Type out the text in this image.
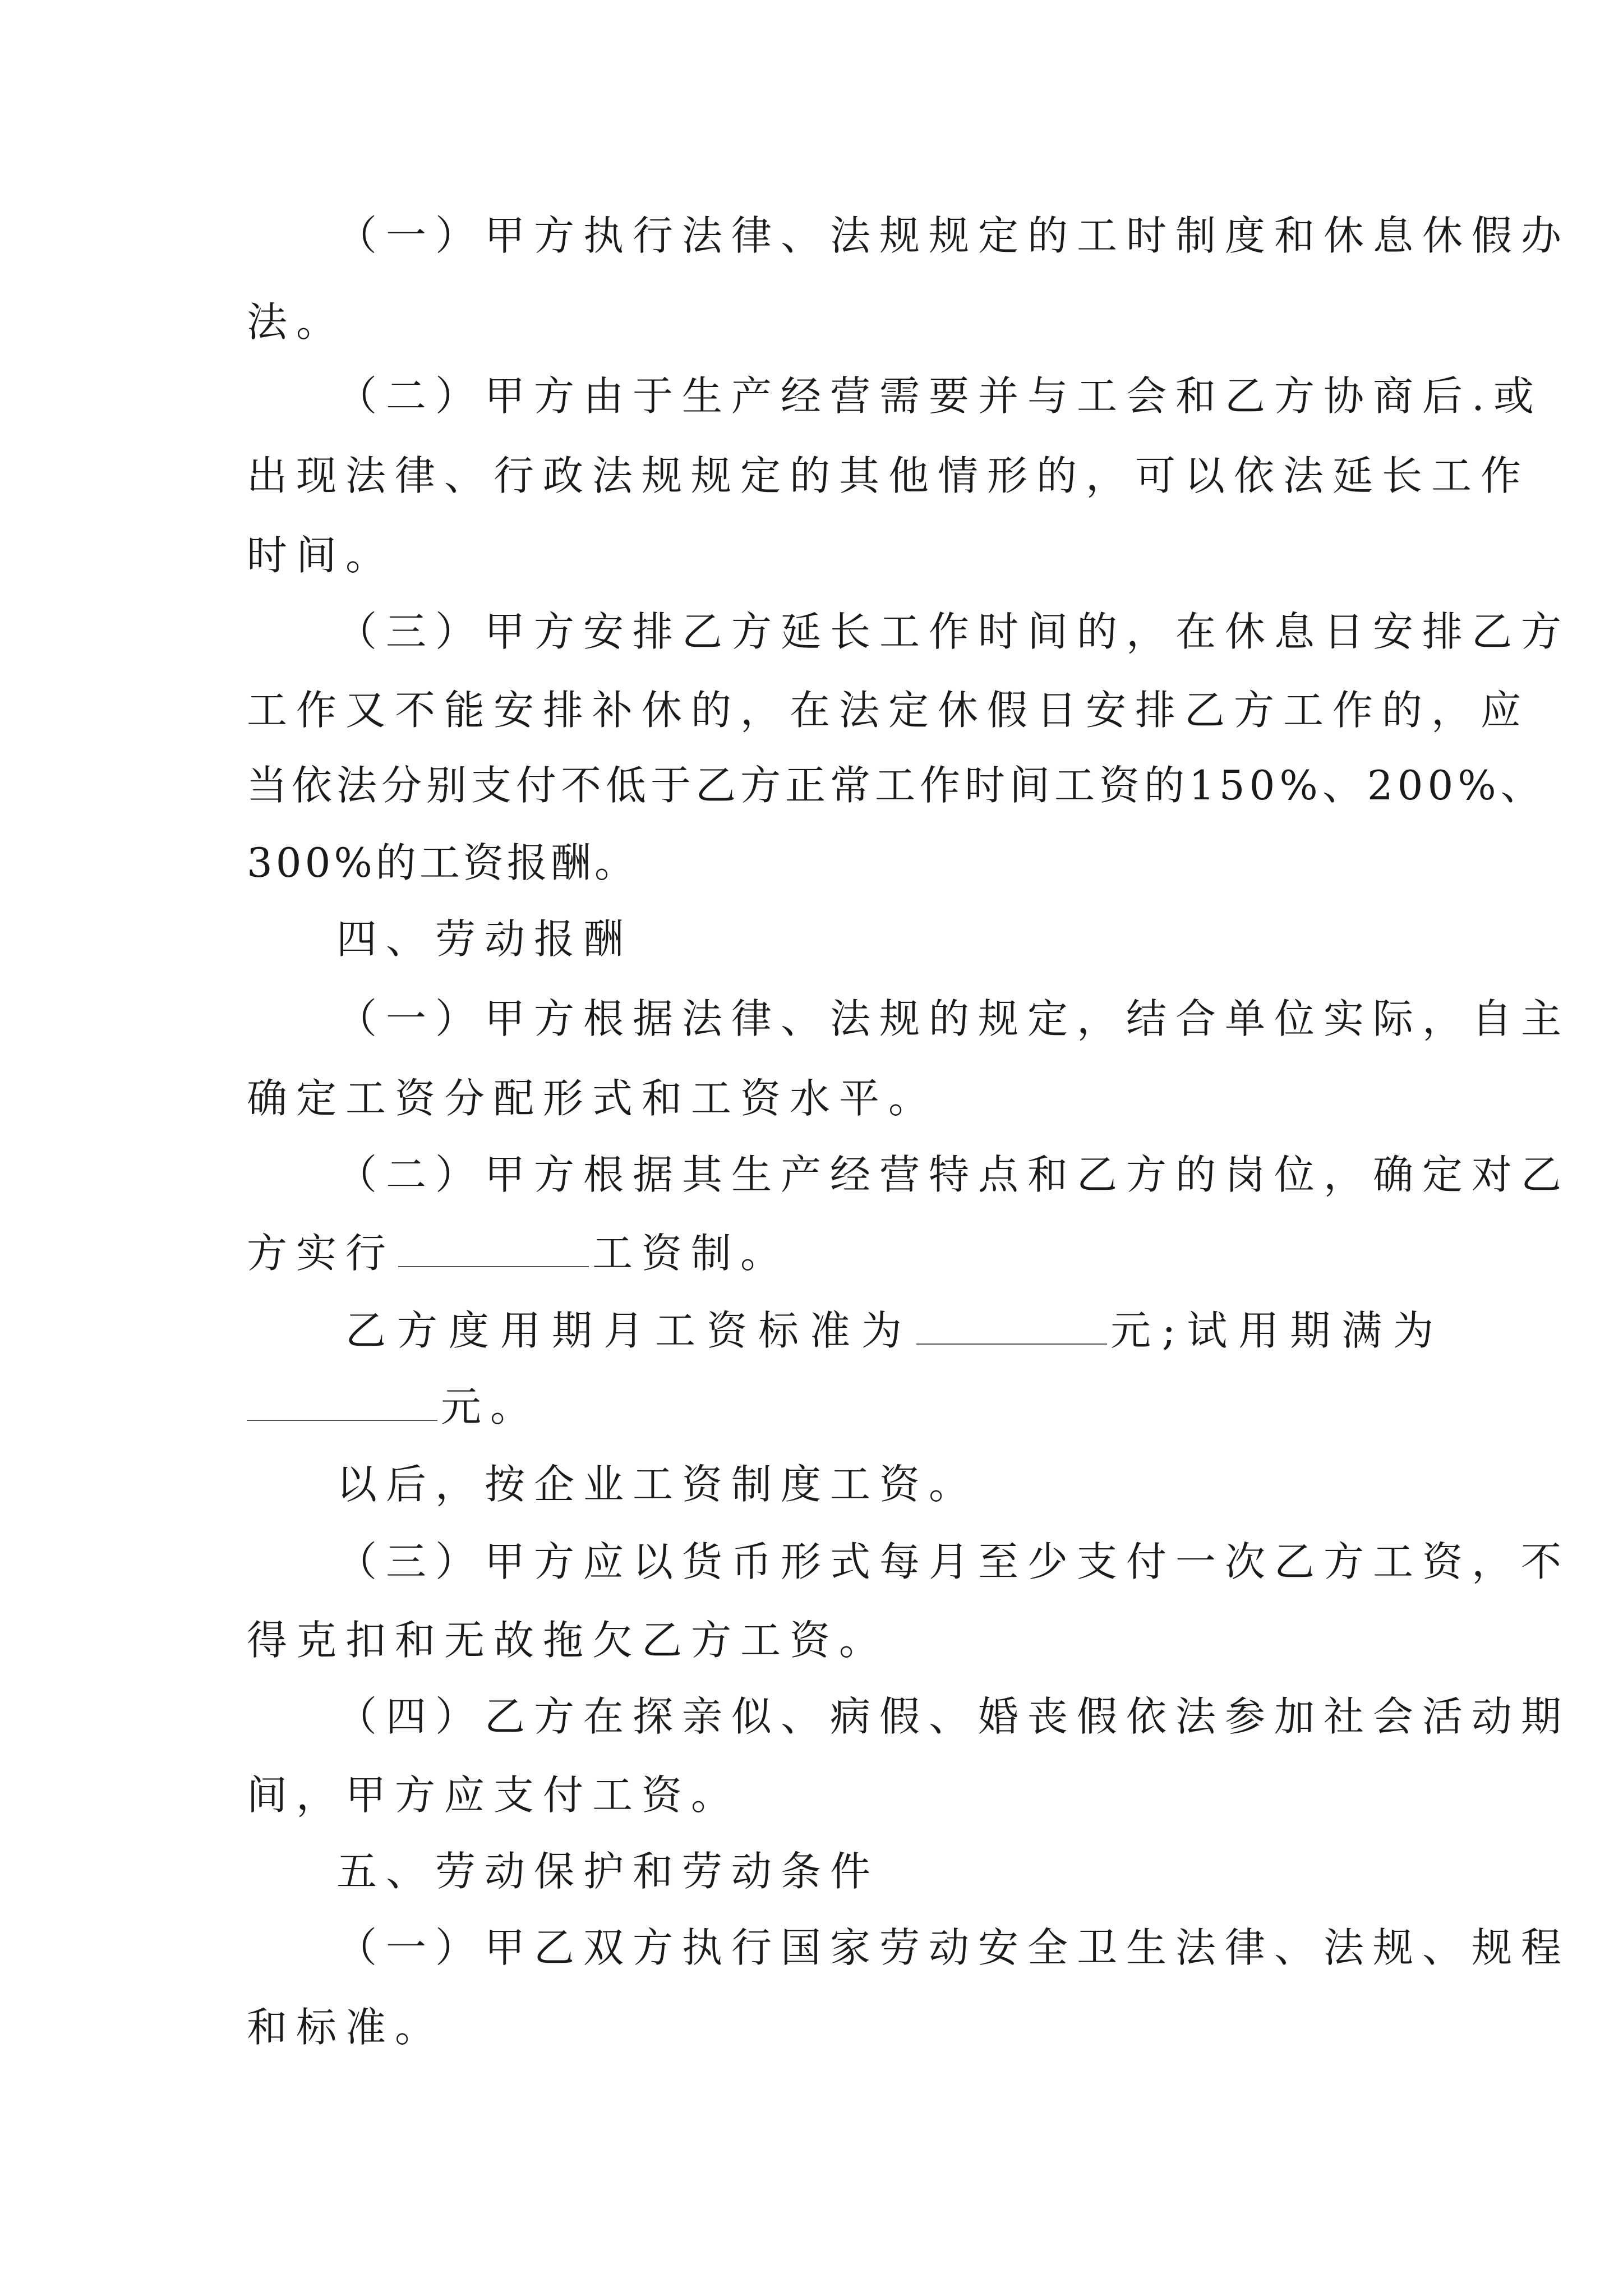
（一）甲方执行法律、法规规定的工时制度和休息休假办
法。
（二）甲方由于生产经营需要并与工会和乙方协商后.或
出现法律、行政法规规定的其他情形的，可以依法延长工作
时间。
（三）甲方安排乙方延长工作时间的，在休息日安排乙方
工作又不能安排补休的，在法定休假日安排乙方工作的，应
当依法分别支付不低于乙方正常工作时间工资的150%、200%、
300%的工资报酬。
四、劳动报酬
（一）甲方根据法律、法规的规定，结合单位实际，自主
确定工资分配形式和工资水平。
（二）甲方根据其生产经营特点和乙方的岗位，确定对乙
方实行	工资制。
乙方度用期月工资标准为	元;试用期满为
元。
以后，按企业工资制度工资。
（三）甲方应以货币形式每月至少支付一次乙方工资，不
得克扣和无故拖欠乙方工资。
（四）乙方在探亲似、病假、婚丧假依法参加社会活动期
间，甲方应支付工资。
五、劳动保护和劳动条件
（一）甲乙双方执行国家劳动安全卫生法律、法规、规程
和标准。
